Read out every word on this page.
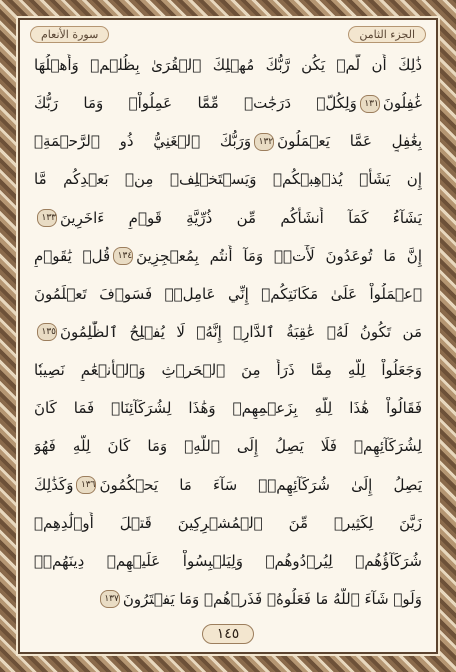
الجزء الثامن
سورة الأنعام
ذَٰلِكَ أَن لَّمۡ يَكُن رَّبُّكَ مُهۡلِكَ ٱلۡقُرَىٰ بِظُلۡمٖ وَأَهۡلُهَا
غَٰفِلُونَ١٣١وَلِكُلّٖ دَرَجَٰتٞ مِّمَّا عَمِلُواْۚ وَمَا رَبُّكَ
بِغَٰفِلٍ عَمَّا يَعۡمَلُونَ١٣٢وَرَبُّكَ ٱلۡغَنِيُّ ذُو ٱلرَّحۡمَةِۚ
إِن يَشَأۡ يُذۡهِبۡكُمۡ وَيَسۡتَخۡلِفۡ مِنۢ بَعۡدِكُم مَّا
يَشَآءُ كَمَآ أَنشَأَكُم مِّن ذُرِّيَّةِ قَوۡمٍ ءَاخَرِينَ١٣٣
إِنَّ مَا تُوعَدُونَ لَأٓتٖۖ وَمَآ أَنتُم بِمُعۡجِزِينَ١٣٤قُلۡ يَٰقَوۡمِ
ٱعۡمَلُواْ عَلَىٰ مَكَانَتِكُمۡ إِنِّي عَامِلٞۖ فَسَوۡفَ تَعۡلَمُونَ
مَن تَكُونُ لَهُۥ عَٰقِبَةُ ٱلدَّارِۚ إِنَّهُۥ لَا يُفۡلِحُ ٱلظَّٰلِمُونَ١٣٥
وَجَعَلُواْ لِلَّهِ مِمَّا ذَرَأَ مِنَ ٱلۡحَرۡثِ وَٱلۡأَنۡعَٰمِ نَصِيبٗا
فَقَالُواْ هَٰذَا لِلَّهِ بِزَعۡمِهِمۡ وَهَٰذَا لِشُرَكَآئِنَاۖ فَمَا كَانَ
لِشُرَكَآئِهِمۡ فَلَا يَصِلُ إِلَى ٱللَّهِۖ وَمَا كَانَ لِلَّهِ فَهُوَ
يَصِلُ إِلَىٰ شُرَكَآئِهِمۡۗ سَآءَ مَا يَحۡكُمُونَ١٣٦وَكَذَٰلِكَ
زَيَّنَ لِكَثِيرٖ مِّنَ ٱلۡمُشۡرِكِينَ قَتۡلَ أَوۡلَٰدِهِمۡ
شُرَكَآؤُهُمۡ لِيُرۡدُوهُمۡ وَلِيَلۡبِسُواْ عَلَيۡهِمۡ دِينَهُمۡۖ
وَلَوۡ شَآءَ ٱللَّهُ مَا فَعَلُوهُۖ فَذَرۡهُمۡ وَمَا يَفۡتَرُونَ١٣٧
١٤٥
